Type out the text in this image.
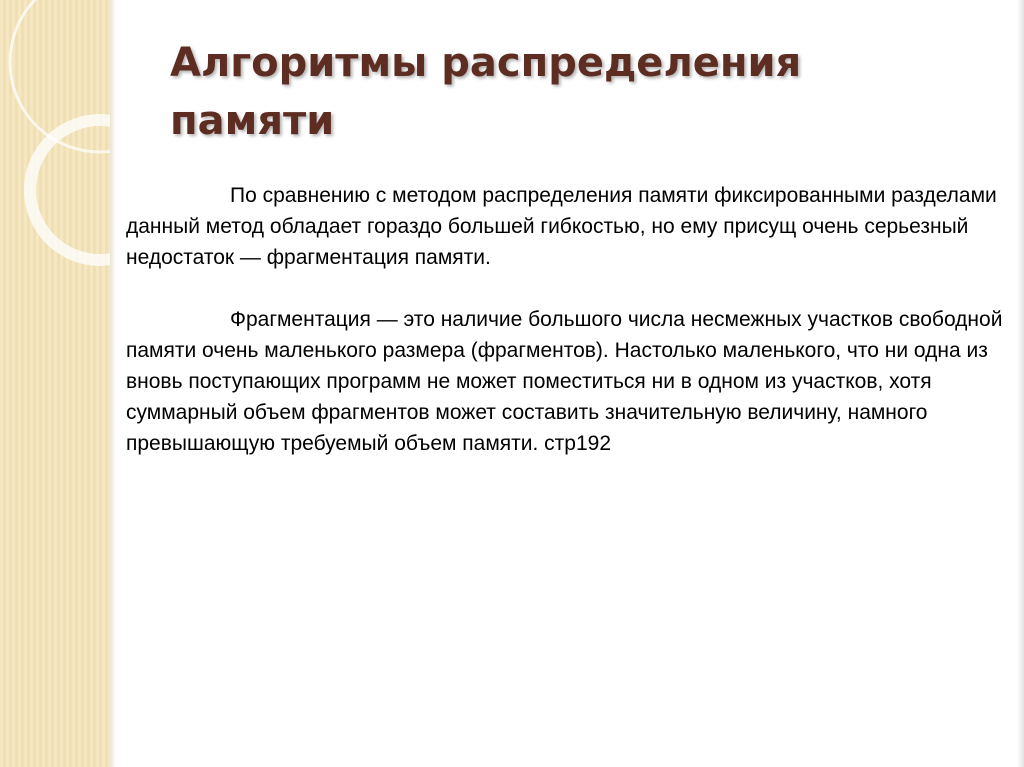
Алгоритмы распределения
памяти

По сравнению с методом распределения памяти фиксированными разделами данный метод обладает гораздо большей гибкостью, но ему присущ очень серьезный недостаток — фрагментация памяти.

Фрагментация — это наличие большого числа несмежных участков свободной памяти очень маленького размера (фрагментов). Настолько маленького, что ни одна из вновь поступающих программ не может поместиться ни в одном из участков, хотя суммарный объем фрагментов может составить значительную величину, намного превышающую требуемый объем памяти. стр192
